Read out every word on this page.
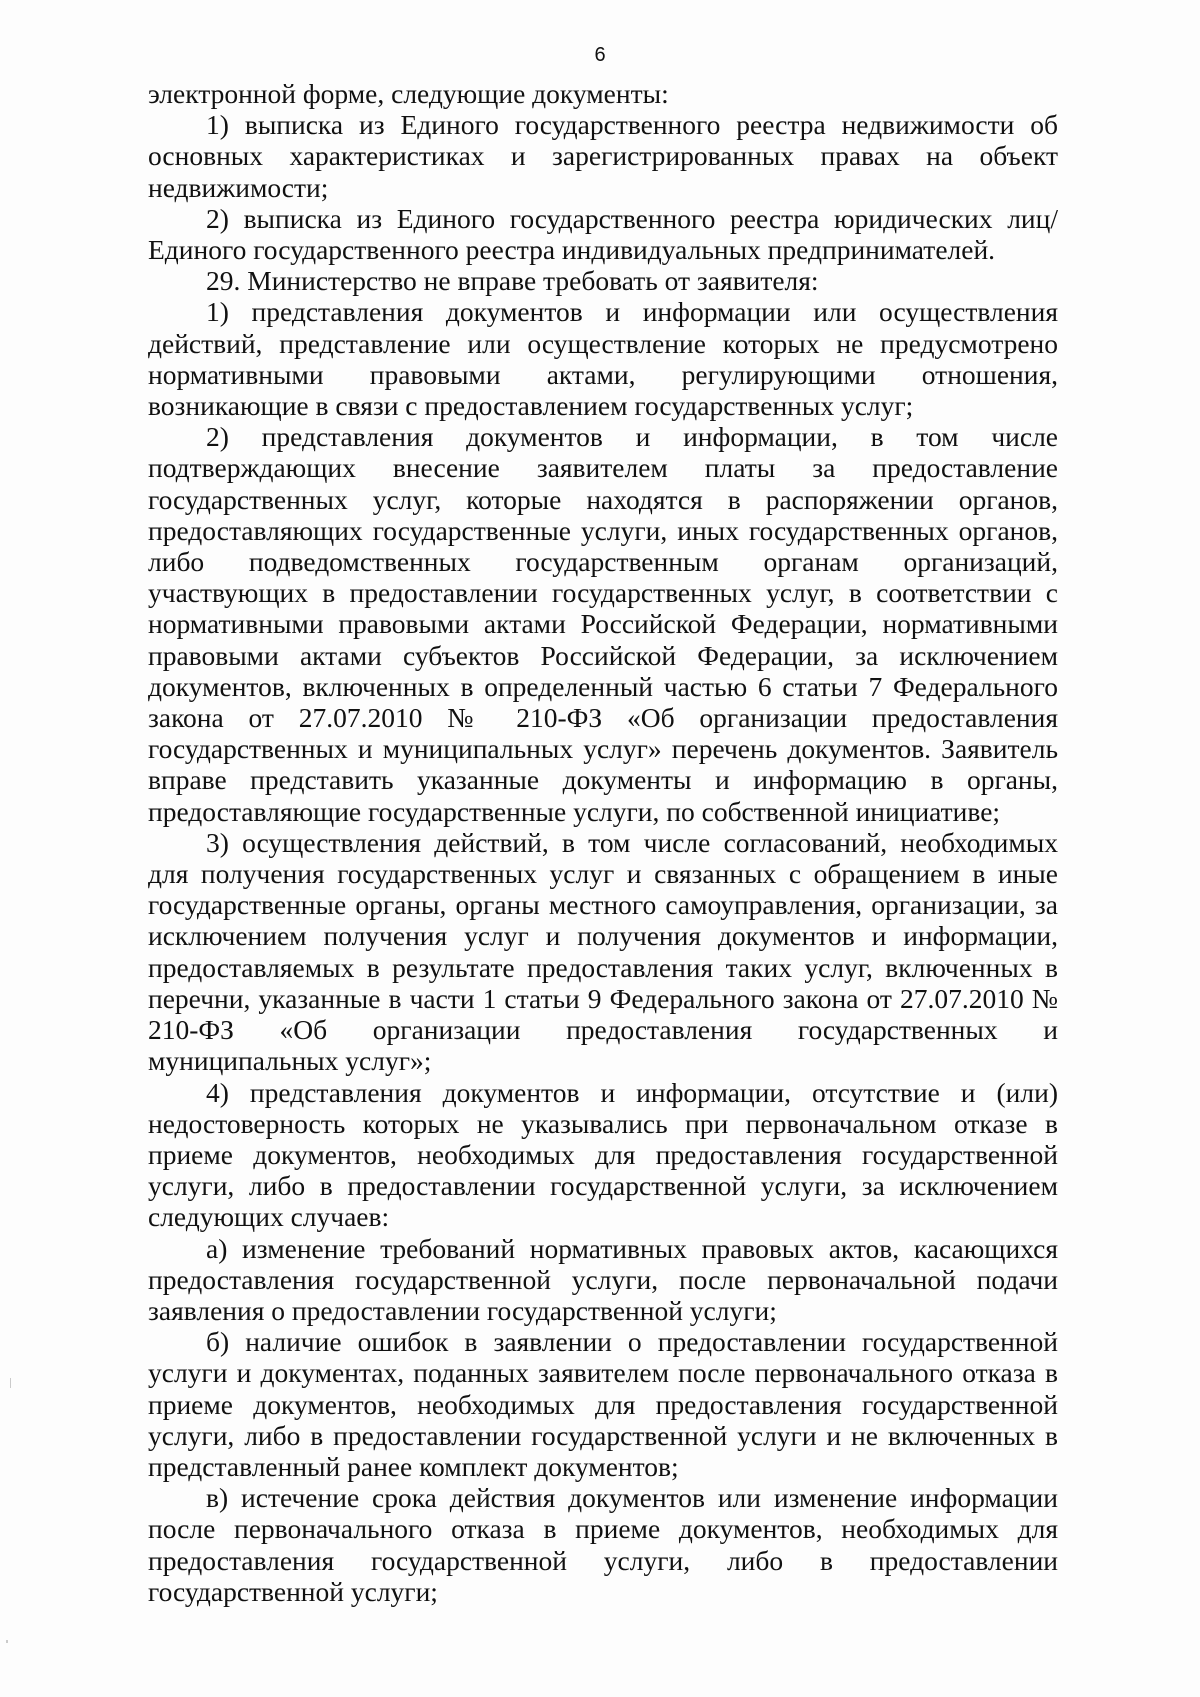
6

электронной форме, следующие документы:

1) выписка из Единого государственного реестра недвижимости об основных характеристиках и зарегистрированных правах на объект недвижимости;

2) выписка из Единого государственного реестра юридических лиц/Единого государственного реестра индивидуальных предпринимателей.

29. Министерство не вправе требовать от заявителя:

1) представления документов и информации или осуществления действий, представление или осуществление которых не предусмотрено нормативными правовыми актами, регулирующими отношения, возникающие в связи с предоставлением государственных услуг;

2) представления документов и информации, в том числе подтверждающих внесение заявителем платы за предоставление государственных услуг, которые находятся в распоряжении органов, предоставляющих государственные услуги, иных государственных органов, либо подведомственных государственным органам организаций, участвующих в предоставлении государственных услуг, в соответствии с нормативными правовыми актами Российской Федерации, нормативными правовыми актами субъектов Российской Федерации, за исключением документов, включенных в определенный частью 6 статьи 7 Федерального закона от 27.07.2010 № 210-ФЗ «Об организации предоставления государственных и муниципальных услуг» перечень документов. Заявитель вправе представить указанные документы и информацию в органы, предоставляющие государственные услуги, по собственной инициативе;

3) осуществления действий, в том числе согласований, необходимых для получения государственных услуг и связанных с обращением в иные государственные органы, органы местного самоуправления, организации, за исключением получения услуг и получения документов и информации, предоставляемых в результате предоставления таких услуг, включенных в перечни, указанные в части 1 статьи 9 Федерального закона от 27.07.2010 № 210-ФЗ «Об организации предоставления государственных и муниципальных услуг»;

4) представления документов и информации, отсутствие и (или) недостоверность которых не указывались при первоначальном отказе в приеме документов, необходимых для предоставления государственной услуги, либо в предоставлении государственной услуги, за исключением следующих случаев:

а) изменение требований нормативных правовых актов, касающихся предоставления государственной услуги, после первоначальной подачи заявления о предоставлении государственной услуги;

б) наличие ошибок в заявлении о предоставлении государственной услуги и документах, поданных заявителем после первоначального отказа в приеме документов, необходимых для предоставления государственной услуги, либо в предоставлении государственной услуги и не включенных в представленный ранее комплект документов;

в) истечение срока действия документов или изменение информации после первоначального отказа в приеме документов, необходимых для предоставления государственной услуги, либо в предоставлении государственной услуги;
